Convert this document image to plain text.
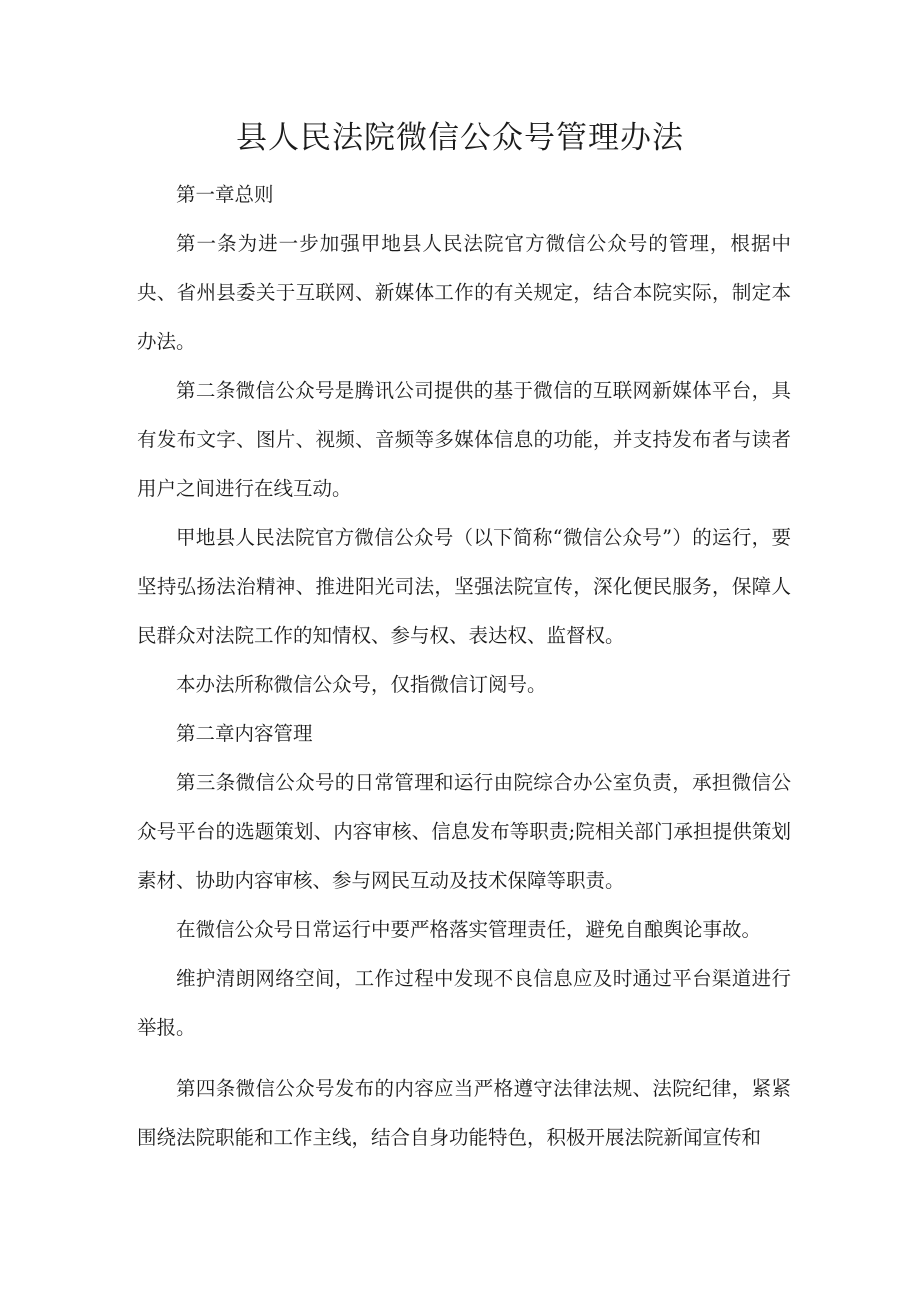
县人民法院微信公众号管理办法

第一章总则

第一条为进一步加强甲地县人民法院官方微信公众号的管理，根据中央、省州县委关于互联网、新媒体工作的有关规定，结合本院实际，制定本办法。

第二条微信公众号是腾讯公司提供的基于微信的互联网新媒体平台，具有发布文字、图片、视频、音频等多媒体信息的功能，并支持发布者与读者用户之间进行在线互动。

甲地县人民法院官方微信公众号（以下简称“微信公众号”）的运行，要坚持弘扬法治精神、推进阳光司法，坚强法院宣传，深化便民服务，保障人民群众对法院工作的知情权、参与权、表达权、监督权。

本办法所称微信公众号，仅指微信订阅号。

第二章内容管理

第三条微信公众号的日常管理和运行由院综合办公室负责，承担微信公众号平台的选题策划、内容审核、信息发布等职责;院相关部门承担提供策划素材、协助内容审核、参与网民互动及技术保障等职责。

在微信公众号日常运行中要严格落实管理责任，避免自酿舆论事故。

维护清朗网络空间，工作过程中发现不良信息应及时通过平台渠道进行举报。

第四条微信公众号发布的内容应当严格遵守法律法规、法院纪律，紧紧围绕法院职能和工作主线，结合自身功能特色，积极开展法院新闻宣传和
